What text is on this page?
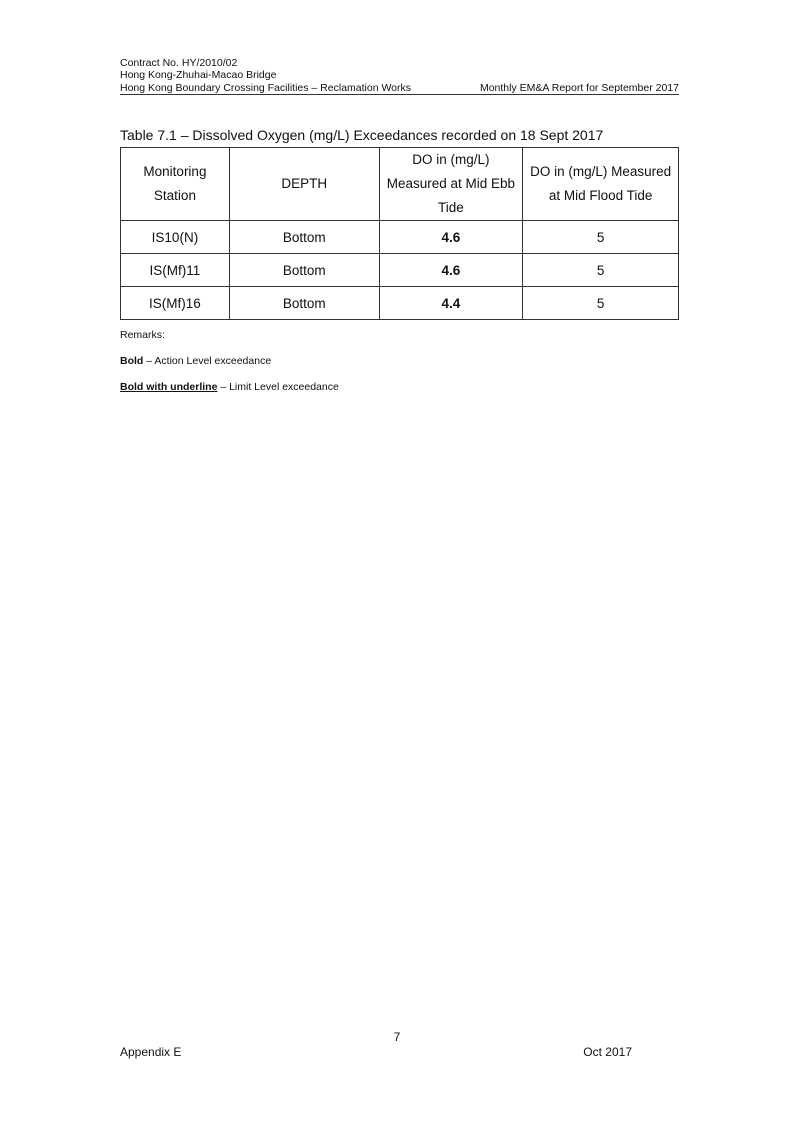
Contract No. HY/2010/02
Hong Kong-Zhuhai-Macao Bridge
Hong Kong Boundary Crossing Facilities – Reclamation Works	Monthly EM&A Report for September 2017
Table 7.1 – Dissolved Oxygen (mg/L) Exceedances recorded on 18 Sept 2017
Monitoring Station	DEPTH	DO in (mg/L) Measured at Mid Ebb Tide	DO in (mg/L) Measured at Mid Flood Tide
IS10(N)	Bottom	4.6	5
IS(Mf)11	Bottom	4.6	5
IS(Mf)16	Bottom	4.4	5

Remarks:

Bold – Action Level exceedance

Bold with underline – Limit Level exceedance

7
Appendix E	Oct 2017
